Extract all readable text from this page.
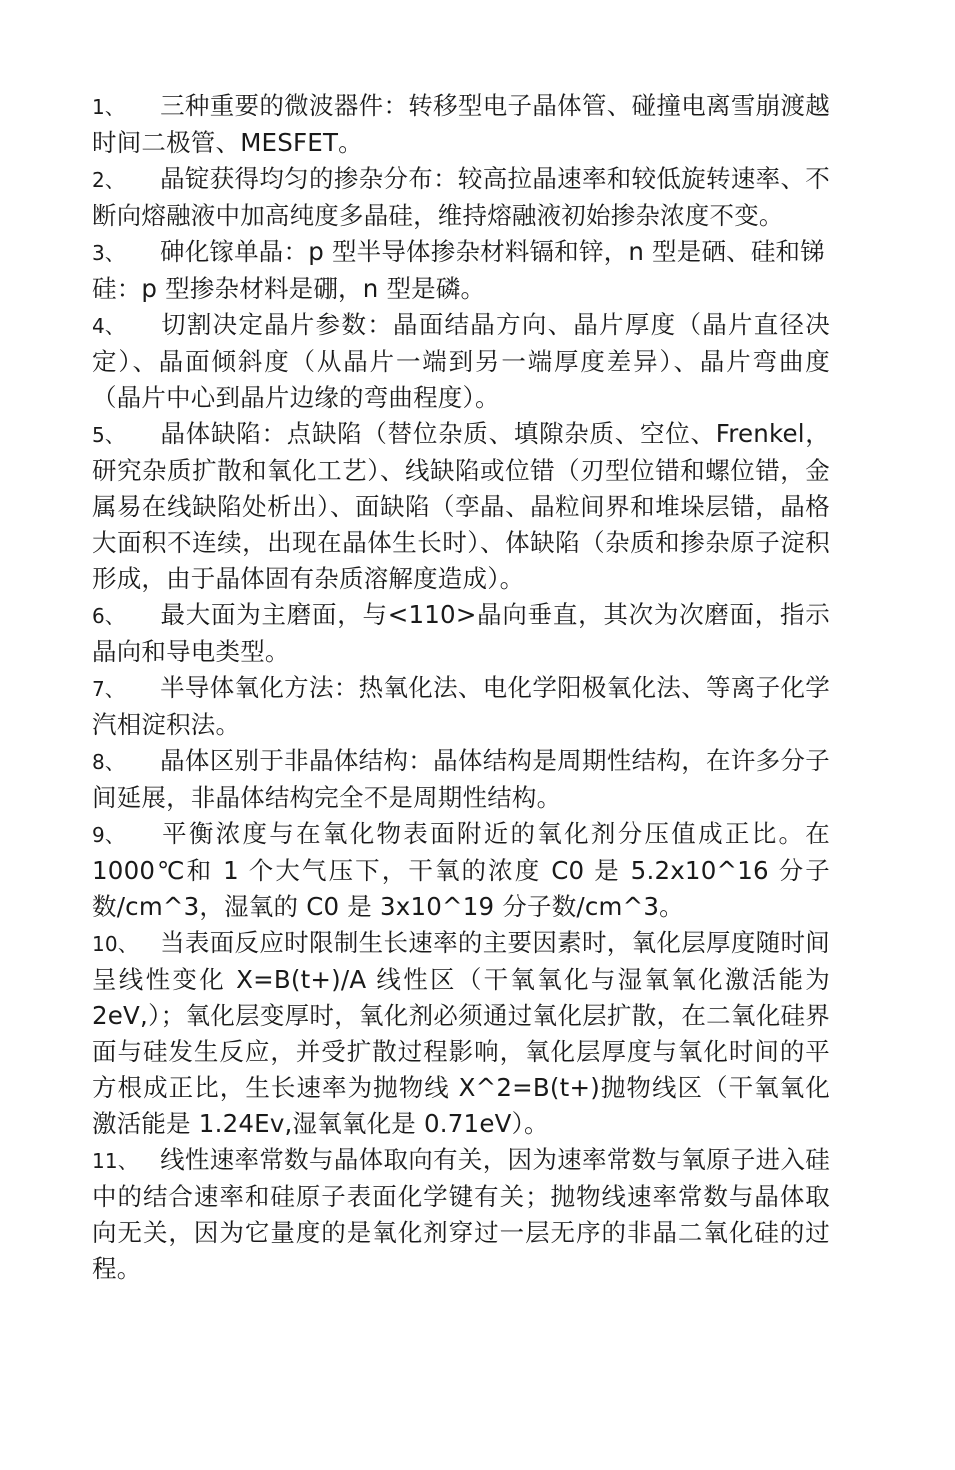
1、 三种重要的微波器件：转移型电子晶体管、碰撞电离雪崩渡越时间二极管、MESFET。

2、 晶锭获得均匀的掺杂分布：较高拉晶速率和较低旋转速率、不断向熔融液中加高纯度多晶硅，维持熔融液初始掺杂浓度不变。

3、 砷化镓单晶：p 型半导体掺杂材料镉和锌，n 型是硒、硅和锑

硅：p 型掺杂材料是硼，n 型是磷。

4、 切割决定晶片参数：晶面结晶方向、晶片厚度（晶片直径决定）、晶面倾斜度（从晶片一端到另一端厚度差异）、晶片弯曲度（晶片中心到晶片边缘的弯曲程度）。

5、 晶体缺陷：点缺陷（替位杂质、填隙杂质、空位、Frenkel，研究杂质扩散和氧化工艺）、线缺陷或位错（刃型位错和螺位错，金属易在线缺陷处析出）、面缺陷（孪晶、晶粒间界和堆垛层错，晶格大面积不连续，出现在晶体生长时）、体缺陷（杂质和掺杂原子淀积形成，由于晶体固有杂质溶解度造成）。

6、 最大面为主磨面，与<110>晶向垂直，其次为次磨面，指示晶向和导电类型。

7、 半导体氧化方法：热氧化法、电化学阳极氧化法、等离子化学汽相淀积法。

8、 晶体区别于非晶体结构：晶体结构是周期性结构，在许多分子间延展，非晶体结构完全不是周期性结构。

9、 平衡浓度与在氧化物表面附近的氧化剂分压值成正比。在1000℃和 1 个大气压下，干氧的浓度 C0 是 5.2x10^16 分子数/cm^3，湿氧的 C0 是 3x10^19 分子数/cm^3。

10、 当表面反应时限制生长速率的主要因素时，氧化层厚度随时间呈线性变化 X=B(t+)/A 线性区（干氧氧化与湿氧氧化激活能为 2eV,）；氧化层变厚时，氧化剂必须通过氧化层扩散，在二氧化硅界面与硅发生反应，并受扩散过程影响，氧化层厚度与氧化时间的平方根成正比，生长速率为抛物线 X^2=B(t+)抛物线区（干氧氧化激活能是 1.24Ev,湿氧氧化是 0.71eV）。

11、 线性速率常数与晶体取向有关，因为速率常数与氧原子进入硅中的结合速率和硅原子表面化学键有关；抛物线速率常数与晶体取向无关，因为它量度的是氧化剂穿过一层无序的非晶二氧化硅的过程。
